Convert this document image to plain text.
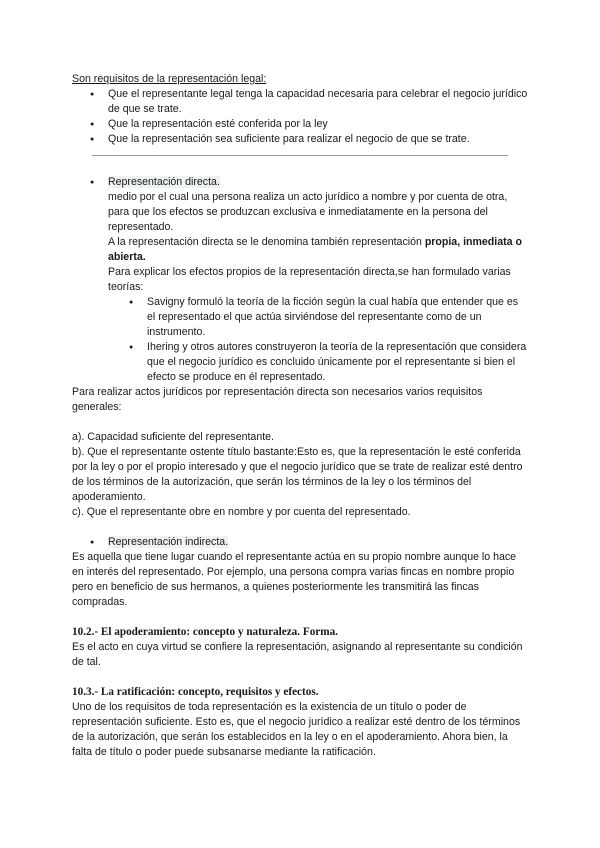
Son requisitos de la representación legal:

● Que el representante legal tenga la capacidad necesaria para celebrar el negocio jurídico de que se trate.
● Que la representación esté conferida por la ley
● Que la representación sea suficiente para realizar el negocio de que se trate.
● Representación directa.

medio por el cual una persona realiza un acto jurídico a nombre y por cuenta de otra, para que los efectos se produzcan exclusiva e inmediatamente en la persona del representado.

A la representación directa se le denomina también representación propia, inmediata o abierta.

Para explicar los efectos propios de la representación directa,se han formulado varias teorías:

● Savigny formuló la teoría de la ficción según la cual había que entender que es el representado el que actúa sirviéndose del representante como de un instrumento.
● Ihering y otros autores construyeron la teoría de la representación que considera que el negocio jurídico es concluido únicamente por el representante si bien el efecto se produce en él representado.

Para realizar actos jurídicos por representación directa son necesarios varios requisitos generales:

a). Capacidad suficiente del representante.

b). Que el representante ostente título bastante:Esto es, que la representación le esté conferida por la ley o por el propio interesado y que el negocio jurídico que se trate de realizar esté dentro de los términos de la autorización, que serán los términos de la ley o los términos del apoderamiento.

c). Que el representante obre en nombre y por cuenta del representado.

● Representación indirecta.

Es aquella que tiene lugar cuando el representante actúa en su propio nombre aunque lo hace en interés del representado. Por ejemplo, una persona compra varias fincas en nombre propio pero en beneficio de sus hermanos, a quienes posteriormente les transmitirá las fincas compradas.

10.2.- El apoderamiento: concepto y naturaleza. Forma.

Es el acto en cuya virtud se confiere la representación, asignando al representante su condición de tal.

10.3.- La ratificación: concepto, requisitos y efectos.

Uno de los requisitos de toda representación es la existencia de un título o poder de representación suficiente. Esto es, que el negocio jurídico a realizar esté dentro de los términos de la autorización, que serán los establecidos en la ley o en el apoderamiento. Ahora bien, la falta de título o poder puede subsanarse mediante la ratificación.
